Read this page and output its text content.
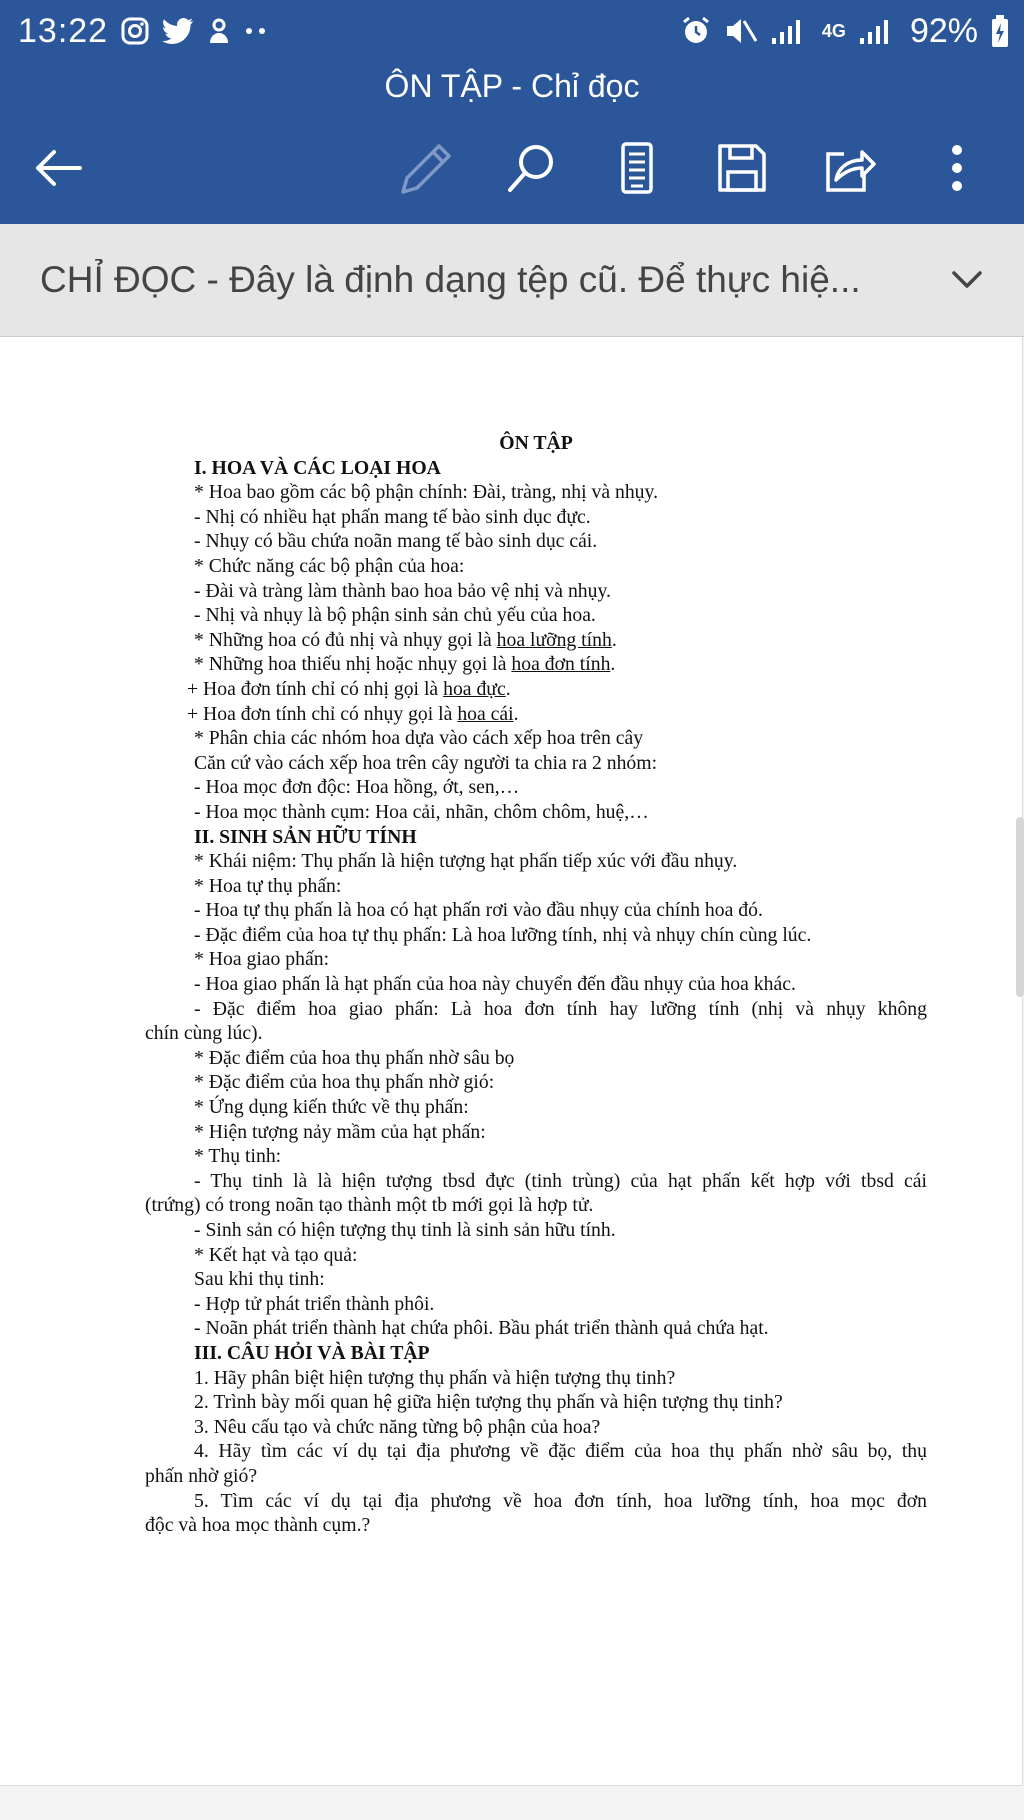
13:22	4G 92%
ÔN TẬP - Chỉ đọc
CHỈ ĐỌC - Đây là định dạng tệp cũ. Để thực hiệ...
ÔN TẬP
I. HOA VÀ CÁC LOẠI HOA
* Hoa bao gồm các bộ phận chính: Đài, tràng, nhị và nhụy.
- Nhị có nhiều hạt phấn mang tế bào sinh dục đực.
- Nhụy có bầu chứa noãn mang tế bào sinh dục cái.
* Chức năng các bộ phận của hoa:
- Đài và tràng làm thành bao hoa bảo vệ nhị và nhụy.
- Nhị và nhụy là bộ phận sinh sản chủ yếu của hoa.
* Những hoa có đủ nhị và nhụy gọi là hoa lưỡng tính.
* Những hoa thiếu nhị hoặc nhụy gọi là hoa đơn tính.
+ Hoa đơn tính chỉ có nhị gọi là hoa đực.
+ Hoa đơn tính chỉ có nhụy gọi là hoa cái.
* Phân chia các nhóm hoa dựa vào cách xếp hoa trên cây
Căn cứ vào cách xếp hoa trên cây người ta chia ra 2 nhóm:
- Hoa mọc đơn độc: Hoa hồng, ớt, sen,…
- Hoa mọc thành cụm: Hoa cải, nhãn, chôm chôm, huệ,…
II. SINH SẢN HỮU TÍNH
* Khái niệm: Thụ phấn là hiện tượng hạt phấn tiếp xúc với đầu nhụy.
* Hoa tự thụ phấn:
- Hoa tự thụ phấn là hoa có hạt phấn rơi vào đầu nhụy của chính hoa đó.
- Đặc điểm của hoa tự thụ phấn: Là hoa lưỡng tính, nhị và nhụy chín cùng lúc.
* Hoa giao phấn:
- Hoa giao phấn là hạt phấn của hoa này chuyển đến đầu nhụy của hoa khác.
- Đặc điểm hoa giao phấn: Là hoa đơn tính hay lưỡng tính (nhị và nhụy không
chín cùng lúc).
* Đặc điểm của hoa thụ phấn nhờ sâu bọ
* Đặc điểm của hoa thụ phấn nhờ gió:
* Ứng dụng kiến thức về thụ phấn:
* Hiện tượng nảy mầm của hạt phấn:
* Thụ tinh:
- Thụ tinh là là hiện tượng tbsd đực (tinh trùng) của hạt phấn kết hợp với tbsd cái
(trứng) có trong noãn tạo thành một tb mới gọi là hợp tử.
- Sinh sản có hiện tượng thụ tinh là sinh sản hữu tính.
* Kết hạt và tạo quả:
Sau khi thụ tinh:
- Hợp tử phát triển thành phôi.
- Noãn phát triển thành hạt chứa phôi. Bầu phát triển thành quả chứa hạt.
III. CÂU HỎI VÀ BÀI TẬP
1. Hãy phân biệt hiện tượng thụ phấn và hiện tượng thụ tinh?
2. Trình bày mối quan hệ giữa hiện tượng thụ phấn và hiện tượng thụ tinh?
3. Nêu cấu tạo và chức năng từng bộ phận của hoa?
4. Hãy tìm các ví dụ tại địa phương về đặc điểm của hoa thụ phấn nhờ sâu bọ, thụ
phấn nhờ gió?
5. Tìm các ví dụ tại địa phương về hoa đơn tính, hoa lưỡng tính, hoa mọc đơn
độc và hoa mọc thành cụm.?
